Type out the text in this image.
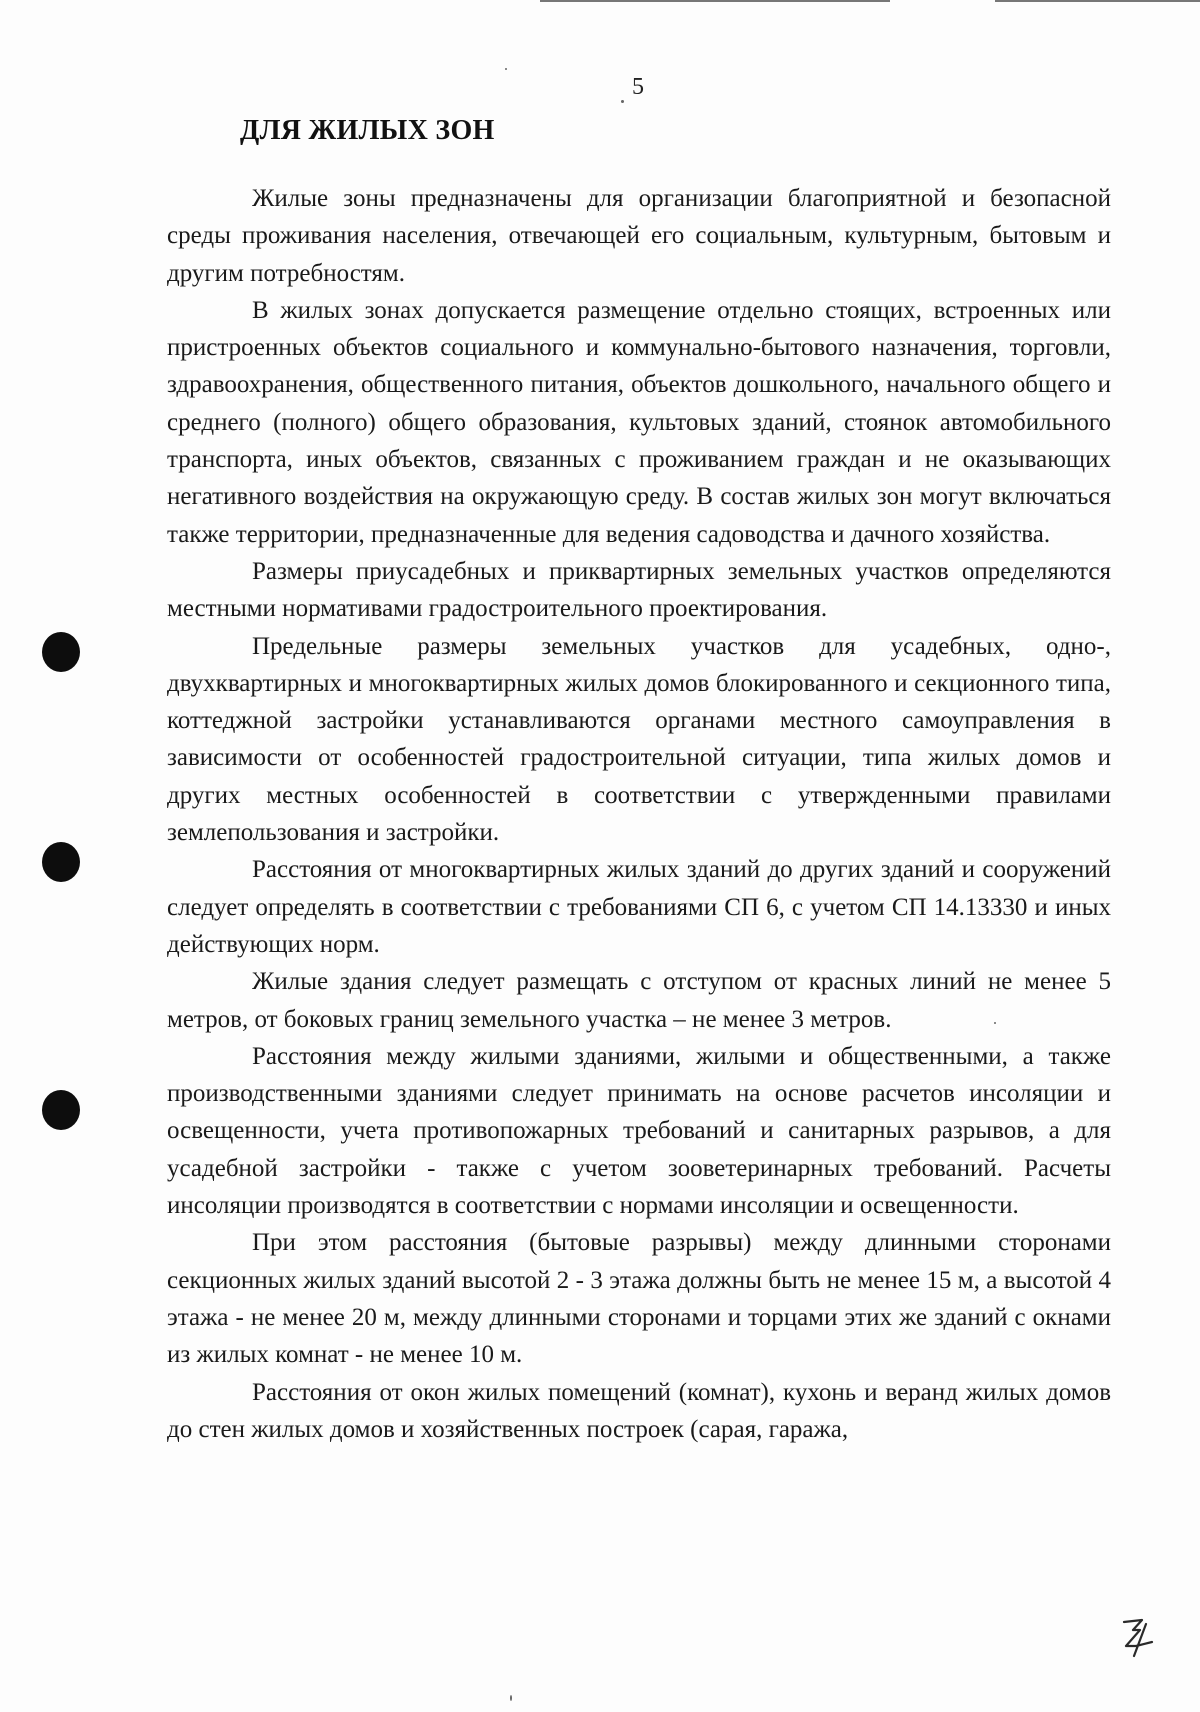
5
ДЛЯ ЖИЛЫХ ЗОН

Жилые зоны предназначены для организации благоприятной и безопасной среды проживания населения, отвечающей его социальным, культурным, бытовым и другим потребностям.

В жилых зонах допускается размещение отдельно стоящих, встроенных или пристроенных объектов социального и коммунально-бытового назначения, торговли, здравоохранения, общественного питания, объектов дошкольного, начального общего и среднего (полного) общего образования, культовых зданий, стоянок автомобильного транспорта, иных объектов, связанных с проживанием граждан и не оказывающих негативного воздействия на окружающую среду. В состав жилых зон могут включаться также территории, предназначенные для ведения садоводства и дачного хозяйства.

Размеры приусадебных и приквартирных земельных участков определяются местными нормативами градостроительного проектирования.

Предельные размеры земельных участков для усадебных, одно-, двухквартирных и многоквартирных жилых домов блокированного и секционного типа, коттеджной застройки устанавливаются органами местного самоуправления в зависимости от особенностей градостроительной ситуации, типа жилых домов и других местных особенностей в соответствии с утвержденными правилами землепользования и застройки.

Расстояния от многоквартирных жилых зданий до других зданий и сооружений следует определять в соответствии с требованиями СП 6, с учетом СП 14.13330 и иных действующих норм.

Жилые здания следует размещать с отступом от красных линий не менее 5 метров, от боковых границ земельного участка – не менее 3 метров.

Расстояния между жилыми зданиями, жилыми и общественными, а также производственными зданиями следует принимать на основе расчетов инсоляции и освещенности, учета противопожарных требований и санитарных разрывов, а для усадебной застройки - также с учетом зооветеринарных требований. Расчеты инсоляции производятся в соответствии с нормами инсоляции и освещенности.

При этом расстояния (бытовые разрывы) между длинными сторонами секционных жилых зданий высотой 2 - 3 этажа должны быть не менее 15 м, а высотой 4 этажа - не менее 20 м, между длинными сторонами и торцами этих же зданий с окнами из жилых комнат - не менее 10 м.

Расстояния от окон жилых помещений (комнат), кухонь и веранд жилых домов до стен жилых домов и хозяйственных построек (сарая, гаража,
